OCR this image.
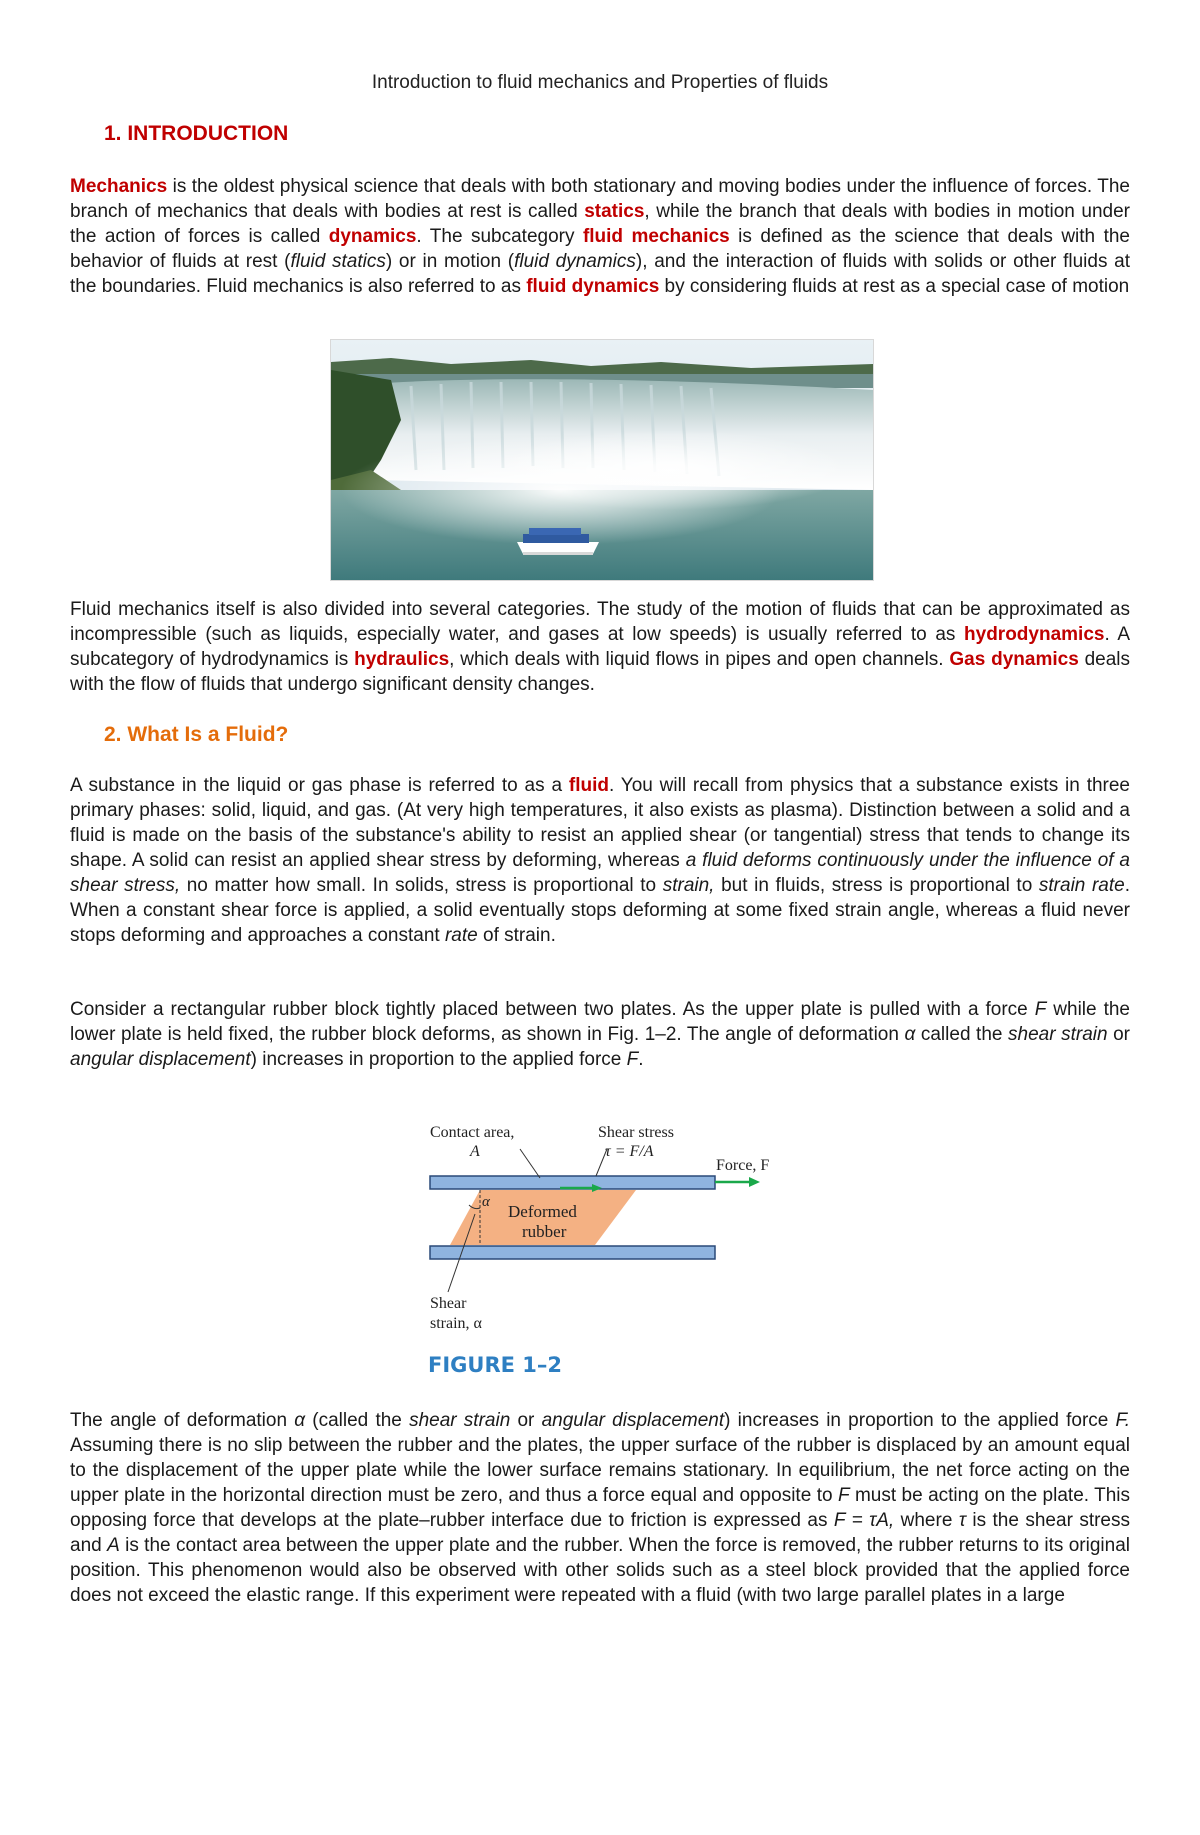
Introduction to fluid mechanics and Properties of fluids
1. INTRODUCTION

Mechanics is the oldest physical science that deals with both stationary and moving bodies under the influence of forces. The branch of mechanics that deals with bodies at rest is called statics, while the branch that deals with bodies in motion under the action of forces is called dynamics. The subcategory fluid mechanics is defined as the science that deals with the behavior of fluids at rest (fluid statics) or in motion (fluid dynamics), and the interaction of fluids with solids or other fluids at the boundaries. Fluid mechanics is also referred to as fluid dynamics by considering fluids at rest as a special case of motion

Fluid mechanics itself is also divided into several categories. The study of the motion of fluids that can be approximated as incompressible (such as liquids, especially water, and gases at low speeds) is usually referred to as hydrodynamics. A subcategory of hydrodynamics is hydraulics, which deals with liquid flows in pipes and open channels. Gas dynamics deals with the flow of fluids that undergo significant density changes.

2. What Is a Fluid?

A substance in the liquid or gas phase is referred to as a fluid. You will recall from physics that a substance exists in three primary phases: solid, liquid, and gas. (At very high temperatures, it also exists as plasma). Distinction between a solid and a fluid is made on the basis of the substance's ability to resist an applied shear (or tangential) stress that tends to change its shape. A solid can resist an applied shear stress by deforming, whereas a fluid deforms continuously under the influence of a shear stress, no matter how small. In solids, stress is proportional to strain, but in fluids, stress is proportional to strain rate. When a constant shear force is applied, a solid eventually stops deforming at some fixed strain angle, whereas a fluid never stops deforming and approaches a constant rate of strain.

Consider a rectangular rubber block tightly placed between two plates. As the upper plate is pulled with a force F while the lower plate is held fixed, the rubber block deforms, as shown in Fig. 1–2. The angle of deformation α called the shear strain or angular displacement) increases in proportion to the applied force F.

Contact area,
A
Shear stress
τ = F/A
Force, F
α Deformed
rubber
Shear
strain, α
FIGURE 1–2

The angle of deformation α (called the shear strain or angular displacement) increases in proportion to the applied force F. Assuming there is no slip between the rubber and the plates, the upper surface of the rubber is displaced by an amount equal to the displacement of the upper plate while the lower surface remains stationary. In equilibrium, the net force acting on the upper plate in the horizontal direction must be zero, and thus a force equal and opposite to F must be acting on the plate. This opposing force that develops at the plate–rubber interface due to friction is expressed as F = τA, where τ is the shear stress and A is the contact area between the upper plate and the rubber. When the force is removed, the rubber returns to its original position. This phenomenon would also be observed with other solids such as a steel block provided that the applied force does not exceed the elastic range. If this experiment were repeated with a fluid (with two large parallel plates in a large
